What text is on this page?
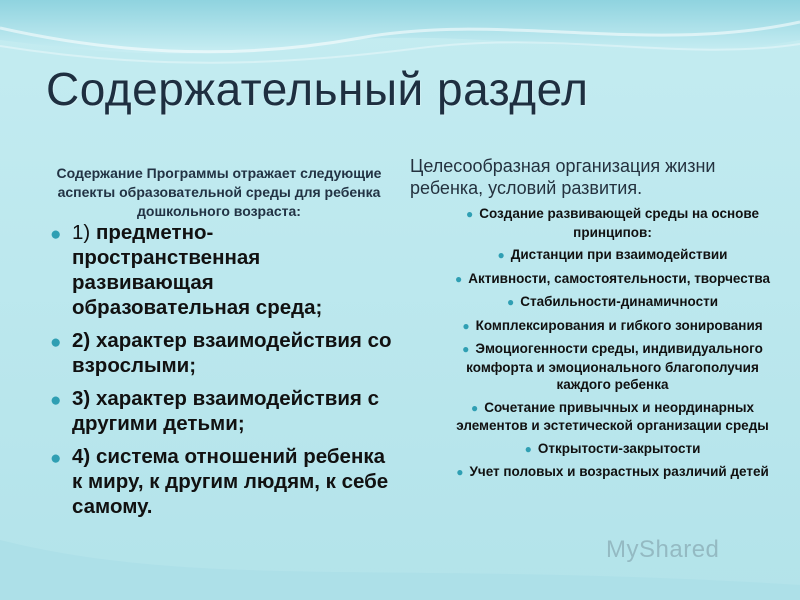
Содержательный раздел
Содержание Программы отражает следующие аспекты образовательной среды для ребенка дошкольного возраста:
● 1) предметно-пространственная развивающая образовательная среда;
● 2) характер взаимодействия со взрослыми;
● 3) характер взаимодействия с другими детьми;
● 4) система отношений ребенка к миру, к другим людям, к себе самому.
Целесообразная организация жизни ребенка, условий развития.
● Создание развивающей среды на основе принципов:
● Дистанции при взаимодействии
● Активности, самостоятельности, творчества
● Стабильности-динамичности
● Комплексирования и гибкого зонирования
● Эмоциогенности среды, индивидуального комфорта и эмоционального благополучия каждого ребенка
● Сочетание привычных и неординарных элементов и эстетической организации среды
● Открытости-закрытости
● Учет половых и возрастных различий детей
MyShared
